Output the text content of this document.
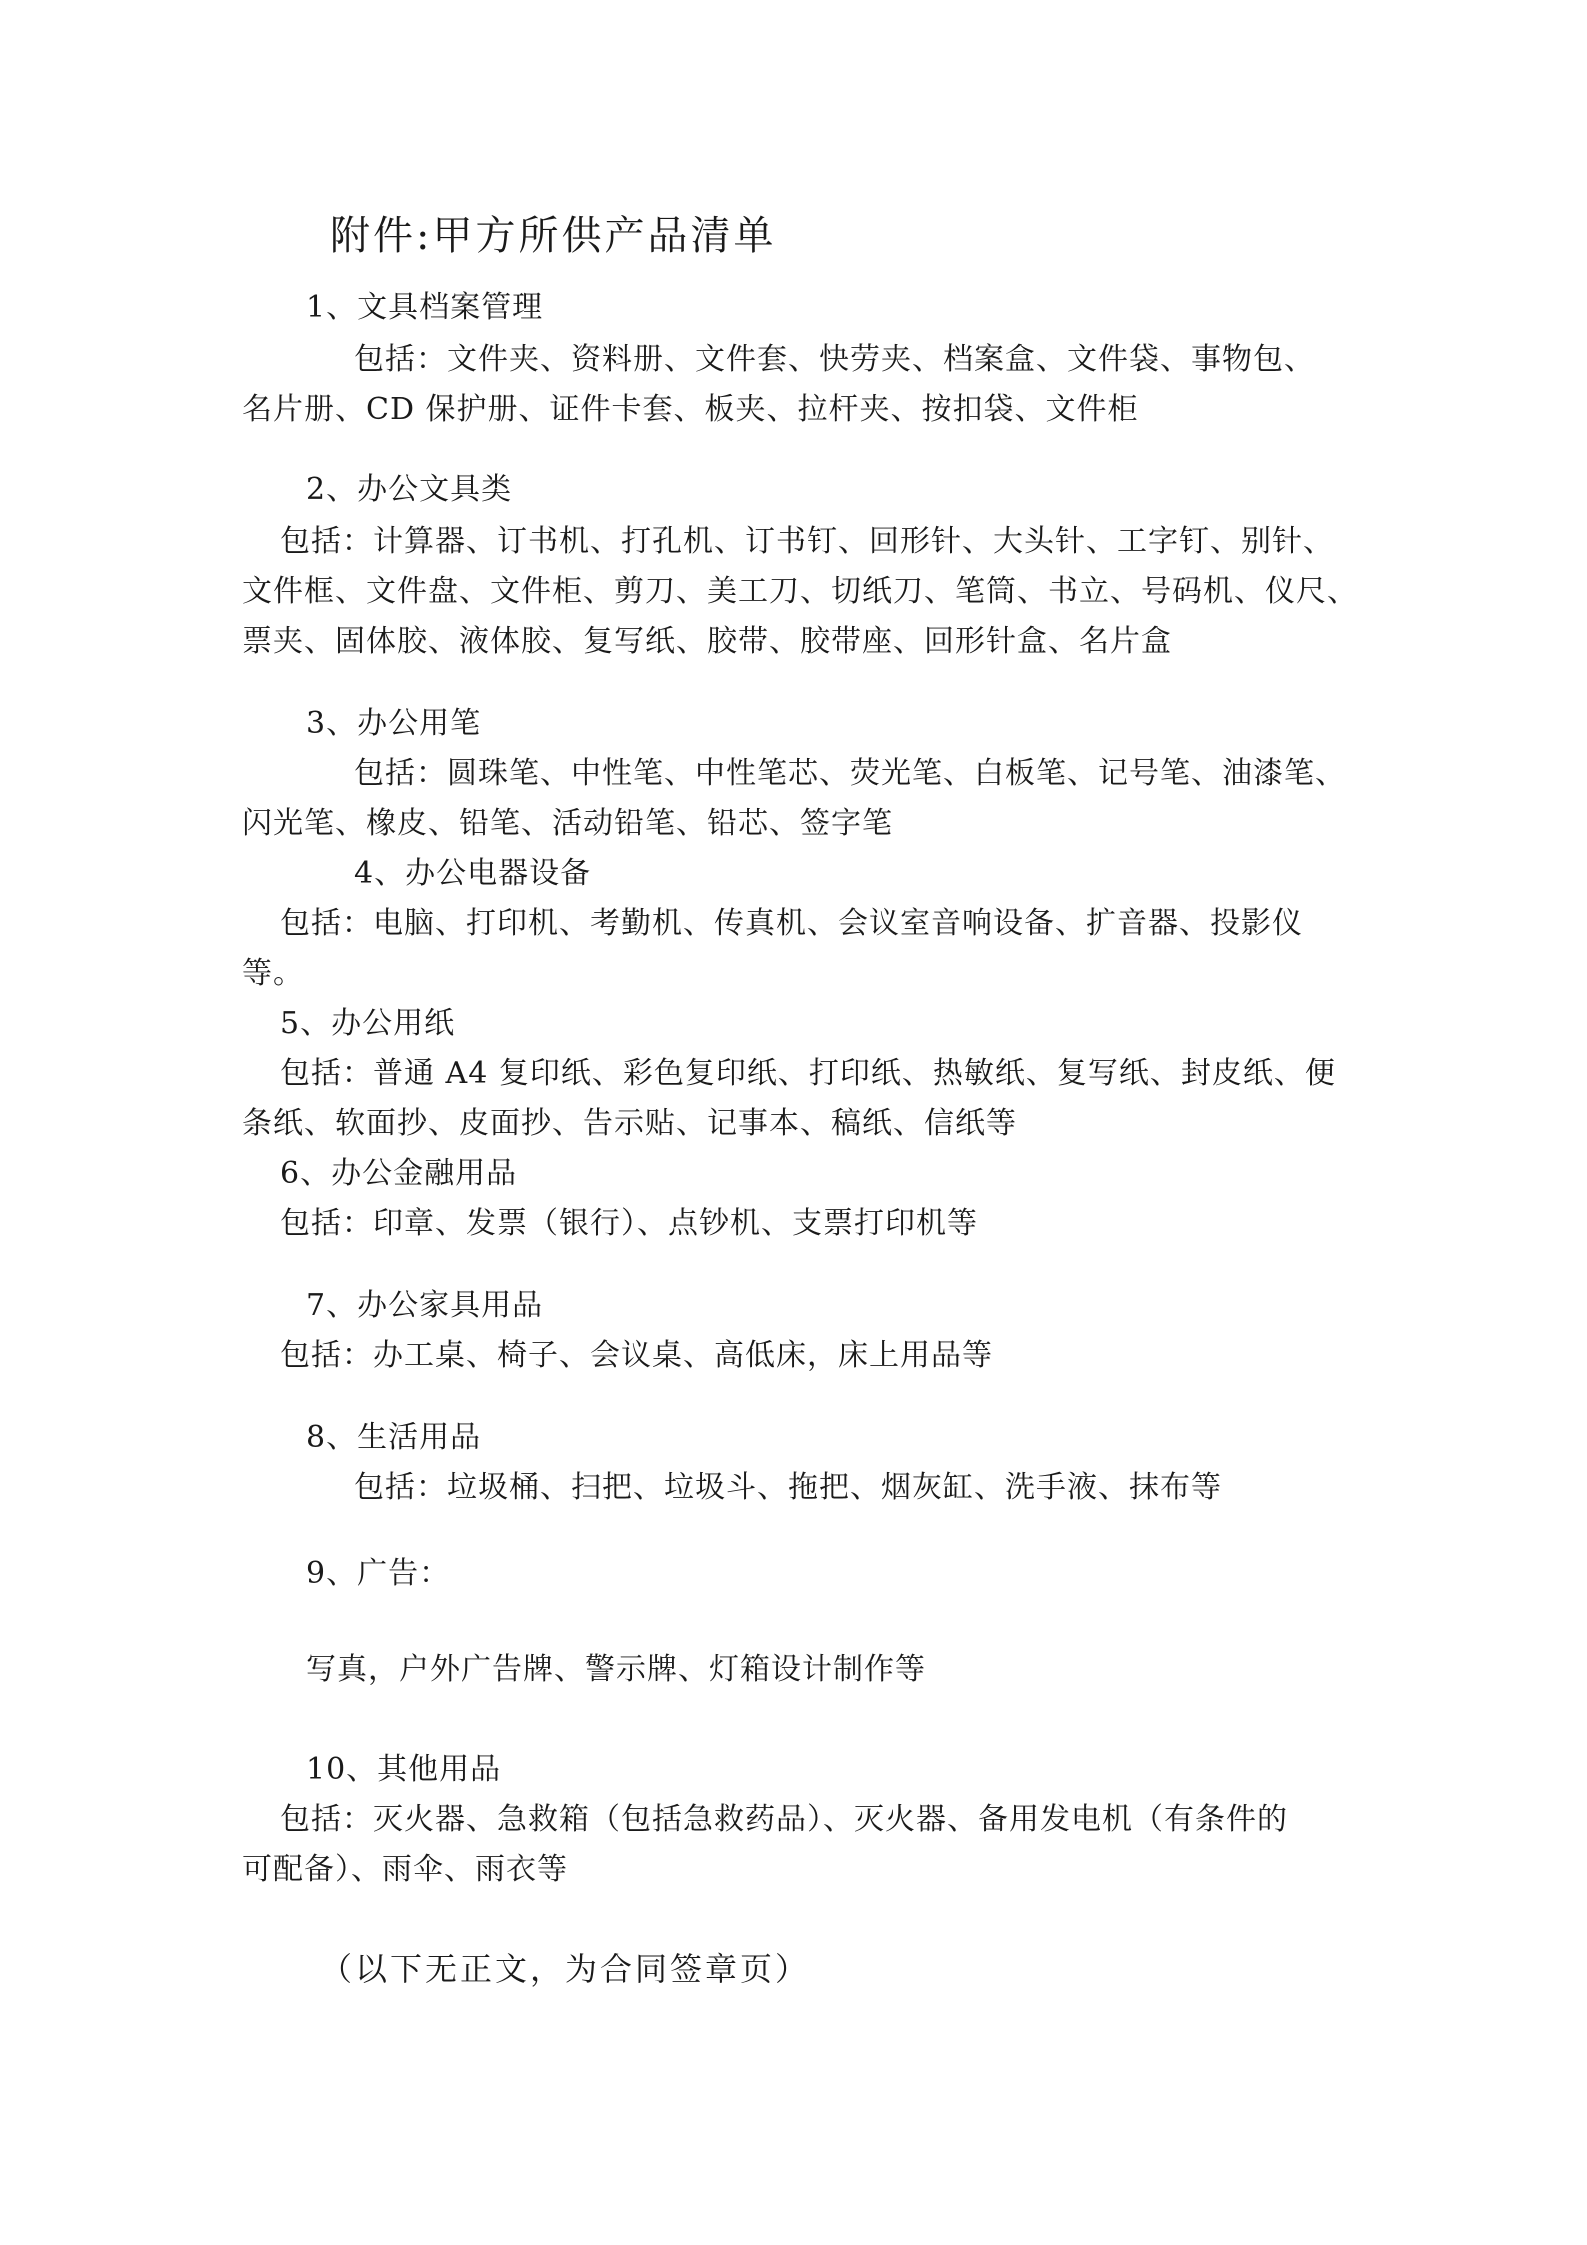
附件:甲方所供产品清单
1、文具档案管理
包括：文件夹、资料册、文件套、快劳夹、档案盒、文件袋、事物包、
名片册、CD 保护册、证件卡套、板夹、拉杆夹、按扣袋、文件柜
2、办公文具类
包括：计算器、订书机、打孔机、订书钉、回形针、大头针、工字钉、别针、
文件框、文件盘、文件柜、剪刀、美工刀、切纸刀、笔筒、书立、号码机、仪尺、
票夹、固体胶、液体胶、复写纸、胶带、胶带座、回形针盒、名片盒
3、办公用笔
包括：圆珠笔、中性笔、中性笔芯、荧光笔、白板笔、记号笔、油漆笔、
闪光笔、橡皮、铅笔、活动铅笔、铅芯、签字笔
4、办公电器设备
包括：电脑、打印机、考勤机、传真机、会议室音响设备、扩音器、投影仪
等。
5、办公用纸
包括：普通 A4 复印纸、彩色复印纸、打印纸、热敏纸、复写纸、封皮纸、便
条纸、软面抄、皮面抄、告示贴、记事本、稿纸、信纸等
6、办公金融用品
包括：印章、发票（银行）、点钞机、支票打印机等
7、办公家具用品
包括：办工桌、椅子、会议桌、高低床，床上用品等
8、生活用品
包括：垃圾桶、扫把、垃圾斗、拖把、烟灰缸、洗手液、抹布等
9、广告：
写真，户外广告牌、警示牌、灯箱设计制作等
10、其他用品
包括：灭火器、急救箱（包括急救药品）、灭火器、备用发电机（有条件的
可配备）、雨伞、雨衣等
（以下无正文，为合同签章页）
